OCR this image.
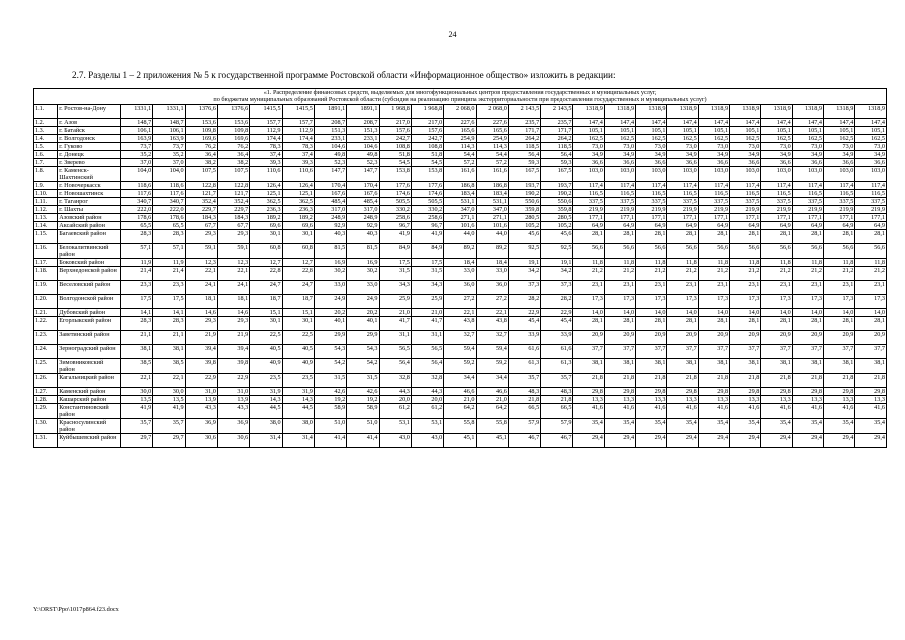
24
2.7. Разделы 1 – 2 приложения № 5 к государственной программе Ростовской области «Информационное общество» изложить в редакции:
«1. Распределение финансовых средств, выделяемых для многофункциональных центров предоставления государственных и муниципальных услуг,
по бюджетам муниципальных образований Ростовской области (субсидия на реализацию принципа экстерриториальности при предоставлении государственных и муниципальных услуг)																									

1.1.	г. Ростов-на-Дону	1331,1	1331,1	1376,6	1376,6	1415,5	1415,5	1891,1	1891,1	1 968,8	1 968,8	2 068,0	2 068,0	2 143,5	2 143,5	1318,9	1318,9	1318,9	1318,9	1318,9	1318,9	1318,9	1318,9	1318,9	1318,9
1.2.	г. Азов	148,7	148,7	153,6	153,6	157,7	157,7	208,7	208,7	217,0	217,0	227,6	227,6	235,7	235,7	147,4	147,4	147,4	147,4	147,4	147,4	147,4	147,4	147,4	147,4
1.3.	г. Батайск	106,1	106,1	109,8	109,8	112,9	112,9	151,3	151,3	157,6	157,6	165,6	165,6	171,7	171,7	105,1	105,1	105,1	105,1	105,1	105,1	105,1	105,1	105,1	105,1
1.4.	г. Волгодонск	163,9	163,9	169,6	169,6	174,4	174,4	233,1	233,1	242,7	242,7	254,9	254,9	264,2	264,2	162,5	162,5	162,5	162,5	162,5	162,5	162,5	162,5	162,5	162,5
1.5.	г. Гуково	73,7	73,7	76,2	76,2	78,3	78,3	104,6	104,6	108,8	108,8	114,3	114,3	118,5	118,5	73,0	73,0	73,0	73,0	73,0	73,0	73,0	73,0	73,0	73,0
1.6.	г. Донецк	35,2	35,2	36,4	36,4	37,4	37,4	49,8	49,8	51,8	51,8	54,4	54,4	56,4	56,4	34,9	34,9	34,9	34,9	34,9	34,9	34,9	34,9	34,9	34,9
1.7.	г. Зверево	37,0	37,0	38,2	38,2	39,3	39,3	52,3	52,3	54,5	54,5	57,2	57,2	59,3	59,3	36,6	36,6	36,6	36,6	36,6	36,6	36,6	36,6	36,6	36,6
1.8.	г. Каменск-Шахтинский	104,0	104,0	107,5	107,5	110,6	110,6	147,7	147,7	153,8	153,8	161,6	161,6	167,5	167,5	103,0	103,0	103,0	103,0	103,0	103,0	103,0	103,0	103,0	103,0
1.9.	г. Новочеркасск	118,6	118,6	122,8	122,8	126,4	126,4	170,4	170,4	177,6	177,6	186,8	186,8	193,7	193,7	117,4	117,4	117,4	117,4	117,4	117,4	117,4	117,4	117,4	117,4
1.10.	г. Новошахтинск	117,6	117,6	121,7	121,7	125,1	125,1	167,6	167,6	174,6	174,6	183,4	183,4	190,2	190,2	116,5	116,5	116,5	116,5	116,5	116,5	116,5	116,5	116,5	116,5
1.11.	г. Таганрог	340,7	340,7	352,4	352,4	362,5	362,5	485,4	485,4	505,5	505,5	531,1	531,1	550,6	550,6	337,5	337,5	337,5	337,5	337,5	337,5	337,5	337,5	337,5	337,5
1.12.	г. Шахты	222,0	222,0	229,7	229,7	236,3	236,3	317,0	317,0	330,2	330,2	347,0	347,0	359,8	359,8	219,9	219,9	219,9	219,9	219,9	219,9	219,9	219,9	219,9	219,9
1.13.	Азовский район	178,6	178,6	184,3	184,3	189,2	189,2	248,9	248,9	258,6	258,6	271,1	271,1	280,5	280,5	177,1	177,1	177,1	177,1	177,1	177,1	177,1	177,1	177,1	177,1
1.14.	Аксайский район	65,5	65,5	67,7	67,7	69,6	69,6	92,9	92,9	96,7	96,7	101,6	101,6	105,2	105,2	64,9	64,9	64,9	64,9	64,9	64,9	64,9	64,9	64,9	64,9
1.15.	Багаевский район	28,3	28,3	29,3	29,3	30,1	30,1	40,3	40,3	41,9	41,9	44,0	44,0	45,6	45,6	28,1	28,1	28,1	28,1	28,1	28,1	28,1	28,1	28,1	28,1
1.16.	Белокалитвинский район	57,1	57,1	59,1	59,1	60,8	60,8	81,5	81,5	84,9	84,9	89,2	89,2	92,5	92,5	56,6	56,6	56,6	56,6	56,6	56,6	56,6	56,6	56,6	56,6
1.17.	Боковский район	11,9	11,9	12,3	12,3	12,7	12,7	16,9	16,9	17,5	17,5	18,4	18,4	19,1	19,1	11,8	11,8	11,8	11,8	11,8	11,8	11,8	11,8	11,8	11,8
1.18.	Верхнедонской район	21,4	21,4	22,1	22,1	22,8	22,8	30,2	30,2	31,5	31,5	33,0	33,0	34,2	34,2	21,2	21,2	21,2	21,2	21,2	21,2	21,2	21,2	21,2	21,2
1.19.	Веселовский район	23,3	23,3	24,1	24,1	24,7	24,7	33,0	33,0	34,3	34,3	36,0	36,0	37,3	37,3	23,1	23,1	23,1	23,1	23,1	23,1	23,1	23,1	23,1	23,1
1.20.	Волгодонской район	17,5	17,5	18,1	18,1	18,7	18,7	24,9	24,9	25,9	25,9	27,2	27,2	28,2	28,2	17,3	17,3	17,3	17,3	17,3	17,3	17,3	17,3	17,3	17,3
1.21.	Дубовский район	14,1	14,1	14,6	14,6	15,1	15,1	20,2	20,2	21,0	21,0	22,1	22,1	22,9	22,9	14,0	14,0	14,0	14,0	14,0	14,0	14,0	14,0	14,0	14,0
1.22.	Егорлыкский район	28,3	28,3	29,3	29,3	30,1	30,1	40,1	40,1	41,7	41,7	43,8	43,8	45,4	45,4	28,1	28,1	28,1	28,1	28,1	28,1	28,1	28,1	28,1	28,1
1.23.	Заветинский район	21,1	21,1	21,9	21,9	22,5	22,5	29,9	29,9	31,1	31,1	32,7	32,7	33,9	33,9	20,9	20,9	20,9	20,9	20,9	20,9	20,9	20,9	20,9	20,9
1.24.	Зерноградский район	38,1	38,1	39,4	39,4	40,5	40,5	54,3	54,3	56,5	56,5	59,4	59,4	61,6	61,6	37,7	37,7	37,7	37,7	37,7	37,7	37,7	37,7	37,7	37,7
1.25.	Зимовниковский район	38,5	38,5	39,8	39,8	40,9	40,9	54,2	54,2	56,4	56,4	59,2	59,2	61,3	61,3	38,1	38,1	38,1	38,1	38,1	38,1	38,1	38,1	38,1	38,1
1.26.	Кагальницкий район	22,1	22,1	22,9	22,9	23,5	23,5	31,5	31,5	32,8	32,8	34,4	34,4	35,7	35,7	21,8	21,8	21,8	21,8	21,8	21,8	21,8	21,8	21,8	21,8
1.27.	Каменский район	30,0	30,0	31,0	31,0	31,9	31,9	42,6	42,6	44,3	44,3	46,6	46,6	48,3	48,3	29,8	29,8	29,8	29,8	29,8	29,8	29,8	29,8	29,8	29,8
1.28.	Кашарский район	13,5	13,5	13,9	13,9	14,3	14,3	19,2	19,2	20,0	20,0	21,0	21,0	21,8	21,8	13,3	13,3	13,3	13,3	13,3	13,3	13,3	13,3	13,3	13,3
1.29.	Константиновский район	41,9	41,9	43,3	43,3	44,5	44,5	58,9	58,9	61,2	61,2	64,2	64,2	66,5	66,5	41,6	41,6	41,6	41,6	41,6	41,6	41,6	41,6	41,6	41,6
1.30.	Красносулинский район	35,7	35,7	36,9	36,9	38,0	38,0	51,0	51,0	53,1	53,1	55,8	55,8	57,9	57,9	35,4	35,4	35,4	35,4	35,4	35,4	35,4	35,4	35,4	35,4
1.31.	Куйбышевский район	29,7	29,7	30,6	30,6	31,4	31,4	41,4	41,4	43,0	43,0	45,1	45,1	46,7	46,7	29,4	29,4	29,4	29,4	29,4	29,4	29,4	29,4	29,4	29,4
Y:\ORST\Ppo\1017p864.f23.docx
